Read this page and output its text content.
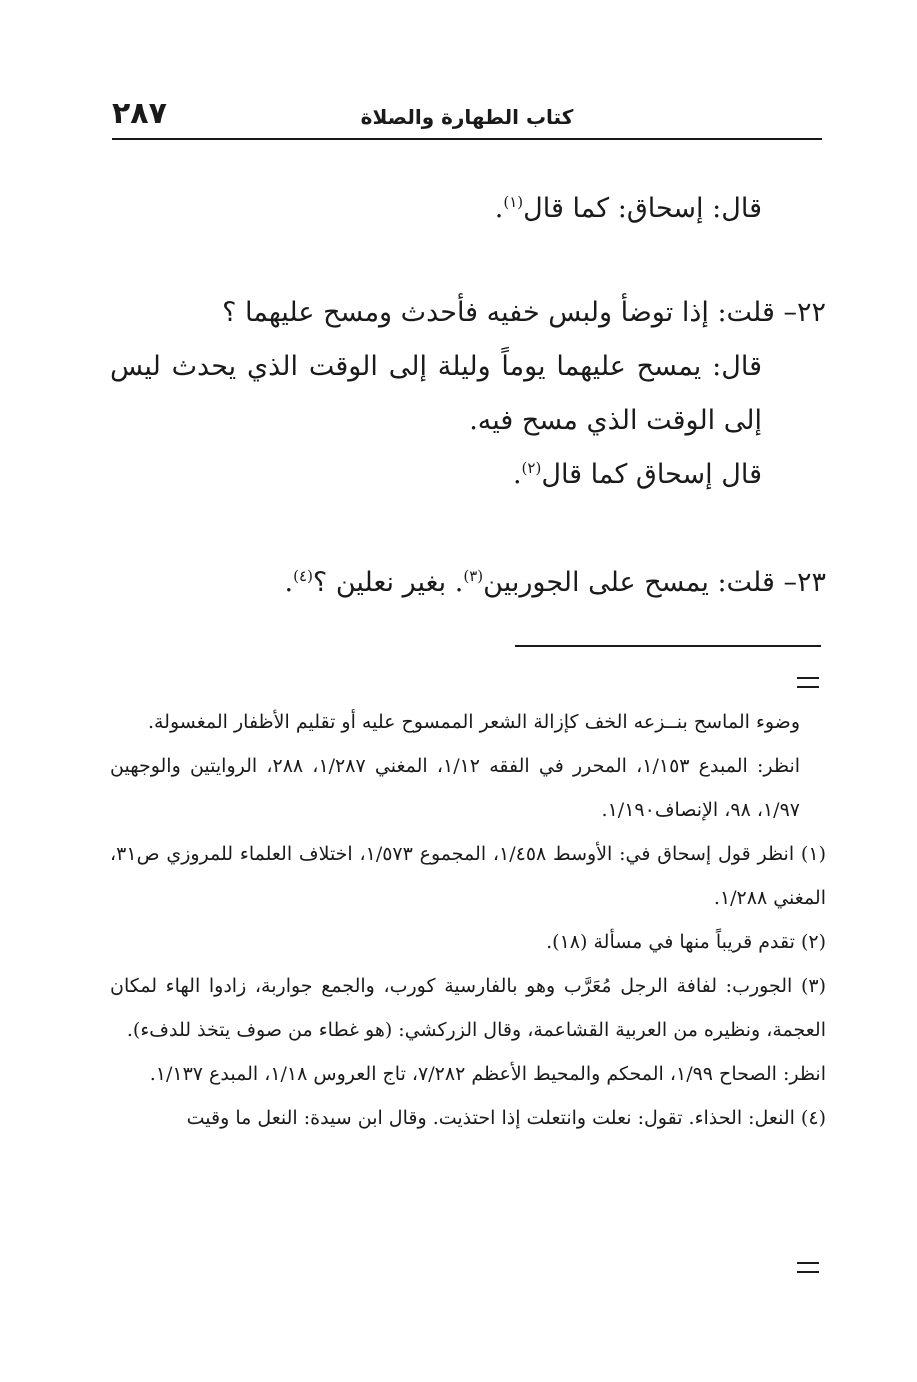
٢٨٧	كتاب الطهارة والصلاة

قال: إسحاق: كما قال$^{(١)}$.

٢٢– قلت: إذا توضأ ولبس خفيه فأحدث ومسح عليهما ؟

قال: يمسح عليهما يوماً وليلة إلى الوقت الذي يحدث ليس إلى الوقت الذي مسح فيه.

قال إسحاق كما قال$^{(٢)}$.

٢٣– قلت: يمسح على الجوربين$^{(٣)}$. بغير نعلين ؟$^{(٤)}$.

وضوء الماسح بنــزعه الخف كإزالة الشعر الممسوح عليه أو تقليم الأظفار المغسولة.

انظر: المبدع ١/١٥٣، المحرر في الفقه ١/١٢، المغني ١/٢٨٧، ٢٨٨، الروايتين والوجهين ١/٩٧، ٩٨، الإنصاف١/١٩٠.

(١) انظر قول إسحاق في: الأوسط ١/٤٥٨، المجموع ١/٥٧٣، اختلاف العلماء للمروزي ص٣١، المغني ١/٢٨٨.

(٢) تقدم قريباً منها في مسألة (١٨).

(٣) الجورب: لفافة الرجل مُعَرَّب وهو بالفارسية كورب، والجمع جواربة، زادوا الهاء لمكان العجمة، ونظيره من العربية القشاعمة، وقال الزركشي: (هو غطاء من صوف يتخذ للدفء).

انظر: الصحاح ١/٩٩، المحكم والمحيط الأعظم ٧/٢٨٢، تاج العروس ١/١٨، المبدع ١/١٣٧.

(٤) النعل: الحذاء. تقول: نعلت وانتعلت إذا احتذيت. وقال ابن سيدة: النعل ما وقيت
